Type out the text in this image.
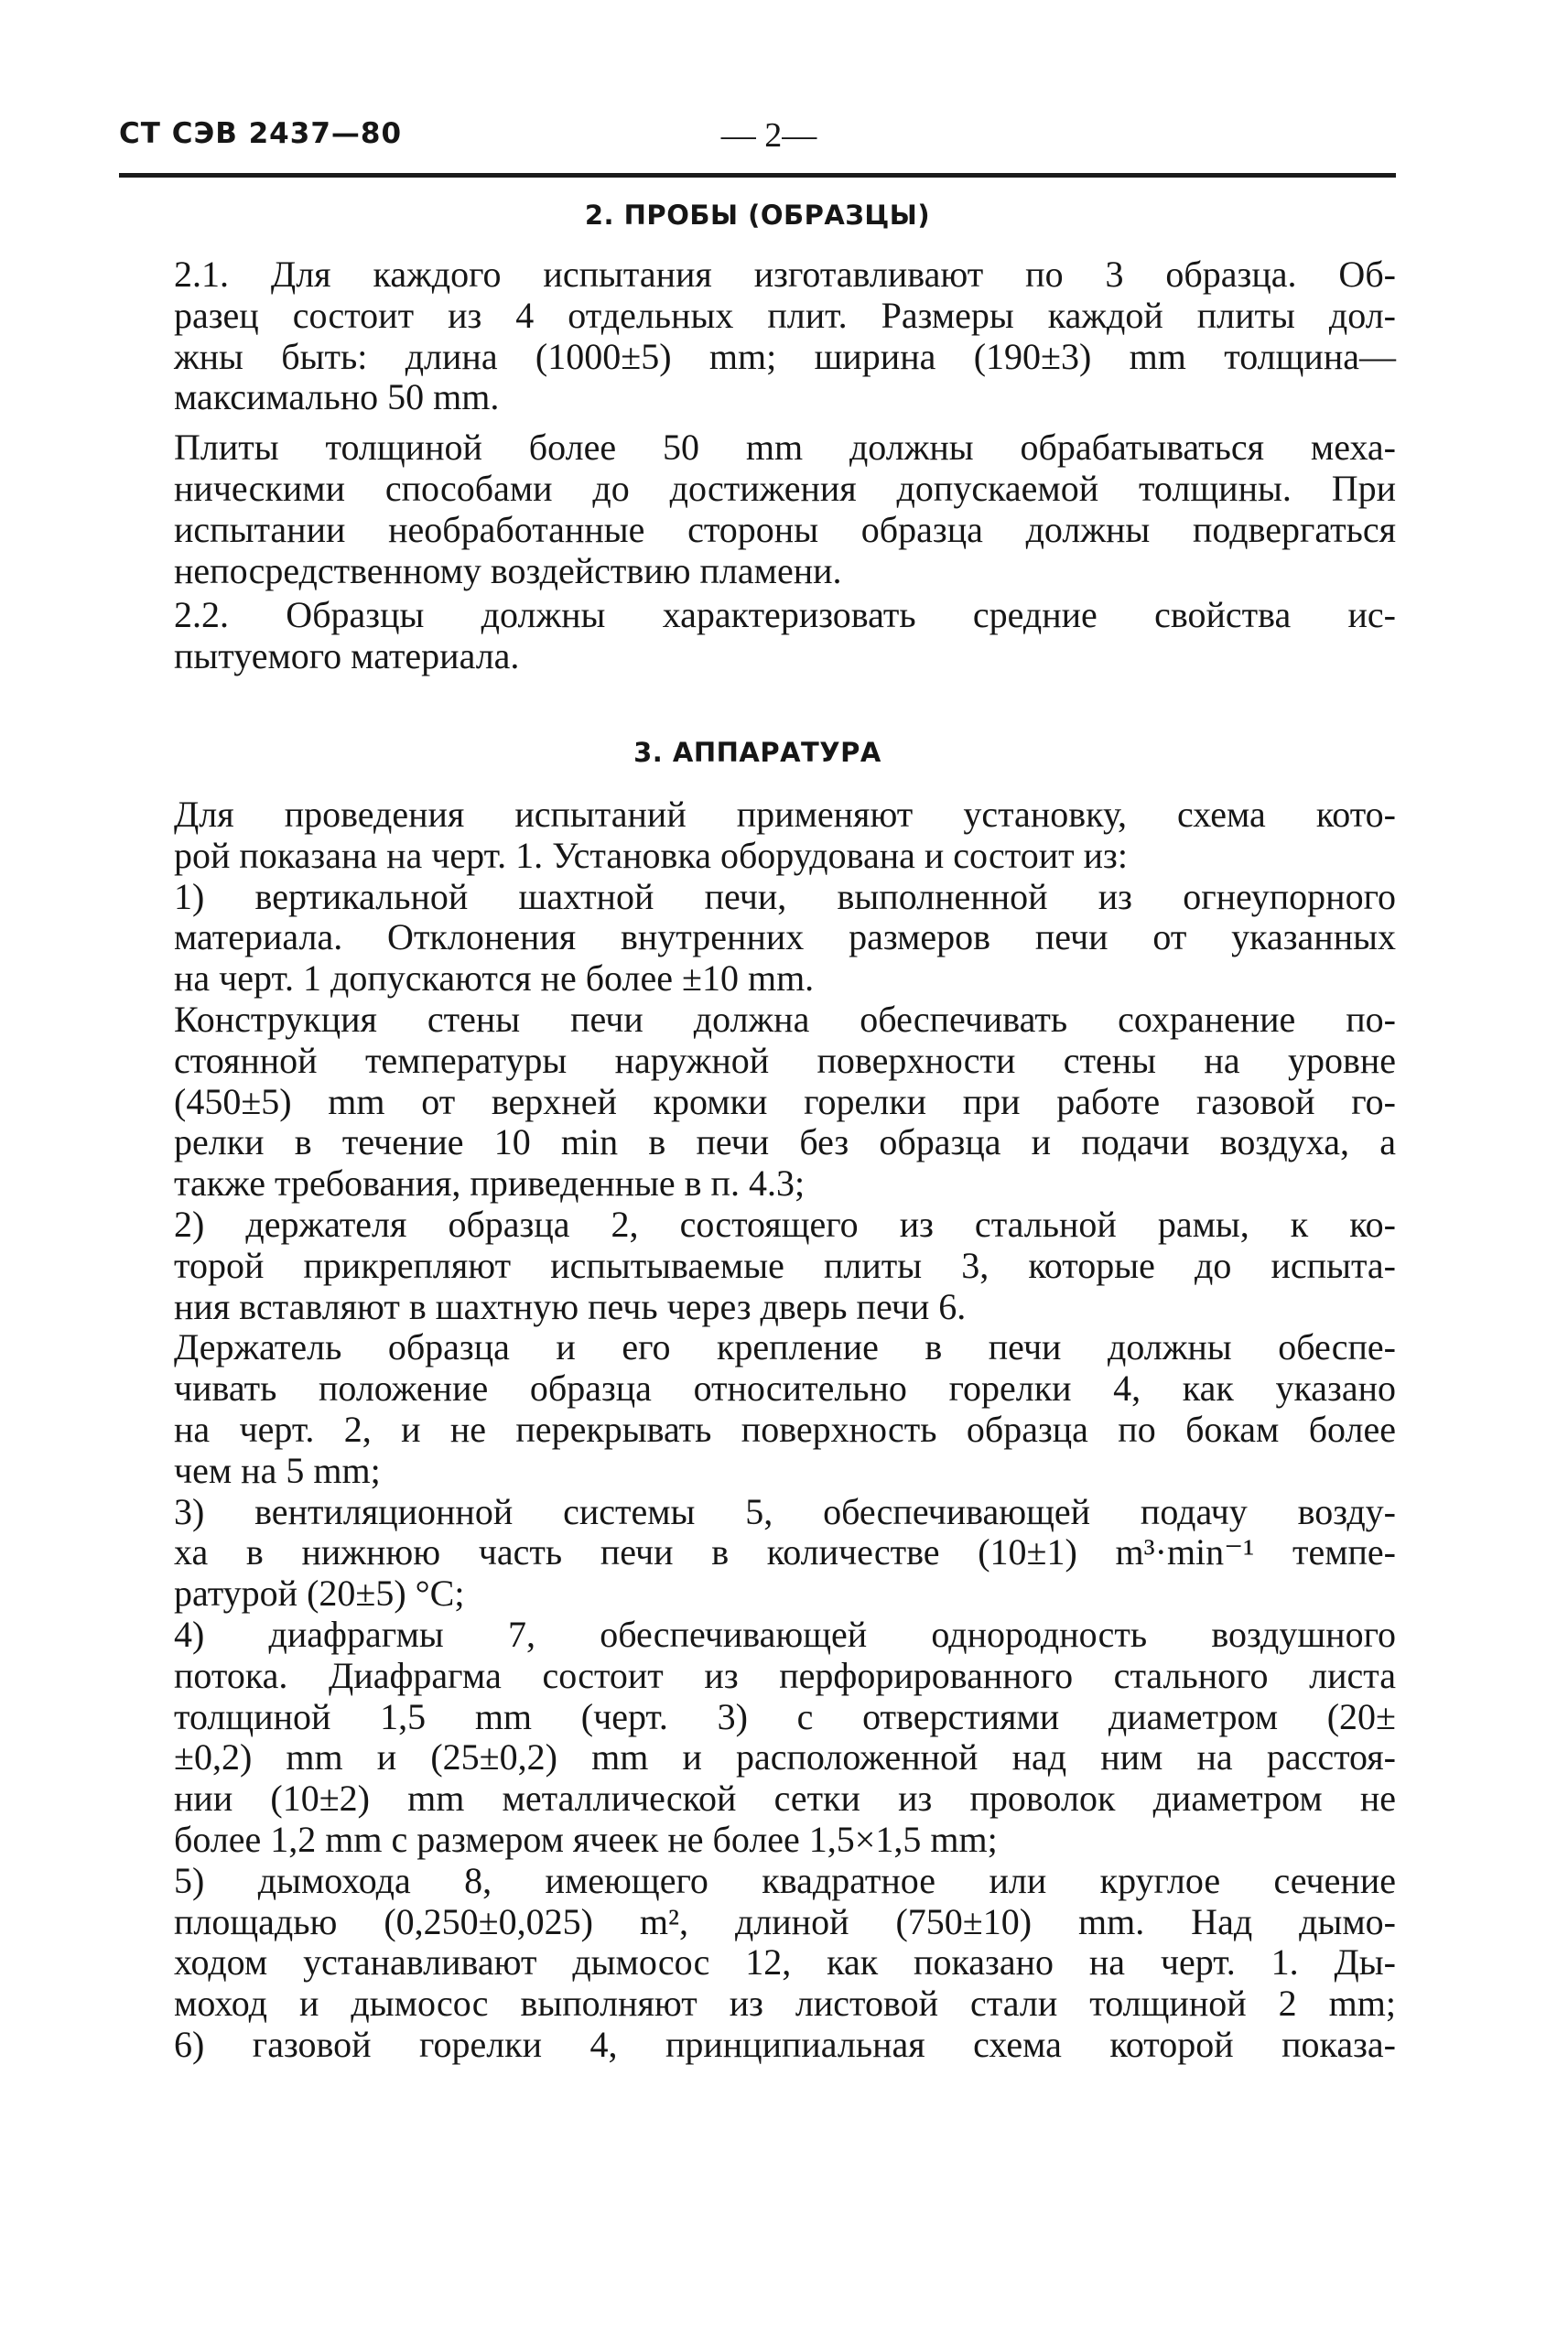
СТ СЭВ 2437—80	— 2—
2. ПРОБЫ (ОБРАЗЦЫ)
2.1. Для каждого испытания изготавливают по 3 образца. Об-
разец состоит из 4 отдельных плит. Размеры каждой плиты дол-
жны быть: длина (1000±5) mm; ширина (190±3) mm толщина—
максимально 50 mm.
Плиты толщиной более 50 mm должны обрабатываться меха-
ническими способами до достижения допускаемой толщины. При
испытании необработанные стороны образца должны подвергаться
непосредственному воздействию пламени.
2.2. Образцы должны характеризовать средние свойства ис-
пытуемого материала.
3. АППАРАТУРА
Для проведения испытаний применяют установку, схема кото-
рой показана на черт. 1. Установка оборудована и состоит из:
1) вертикальной шахтной печи, выполненной из огнеупорного
материала. Отклонения внутренних размеров печи от указанных
на черт. 1 допускаются не более ±10 mm.
Конструкция стены печи должна обеспечивать сохранение по-
стоянной температуры наружной поверхности стены на уровне
(450±5) mm от верхней кромки горелки при работе газовой го-
релки в течение 10 min в печи без образца и подачи воздуха, а
также требования, приведенные в п. 4.3;
2) держателя образца 2, состоящего из стальной рамы, к ко-
торой прикрепляют испытываемые плиты 3, которые до испыта-
ния вставляют в шахтную печь через дверь печи 6.
Держатель образца и его крепление в печи должны обеспе-
чивать положение образца относительно горелки 4, как указано
на черт. 2, и не перекрывать поверхность образца по бокам более
чем на 5 mm;
3) вентиляционной системы 5, обеспечивающей подачу возду-
ха в нижнюю часть печи в количестве (10±1) m³·min⁻¹ темпе-
ратурой (20±5) °С;
4) диафрагмы 7, обеспечивающей однородность воздушного
потока. Диафрагма состоит из перфорированного стального листа
толщиной 1,5 mm (черт. 3) с отверстиями диаметром (20±
±0,2) mm и (25±0,2) mm и расположенной над ним на расстоя-
нии (10±2) mm металлической сетки из проволок диаметром не
более 1,2 mm с размером ячеек не более 1,5×1,5 mm;
5) дымохода 8, имеющего квадратное или круглое сечение
площадью (0,250±0,025) m², длиной (750±10) mm. Над дымо-
ходом устанавливают дымосос 12, как показано на черт. 1. Ды-
моход и дымосос выполняют из листовой стали толщиной 2 mm;
6) газовой горелки 4, принципиальная схема которой показа-
